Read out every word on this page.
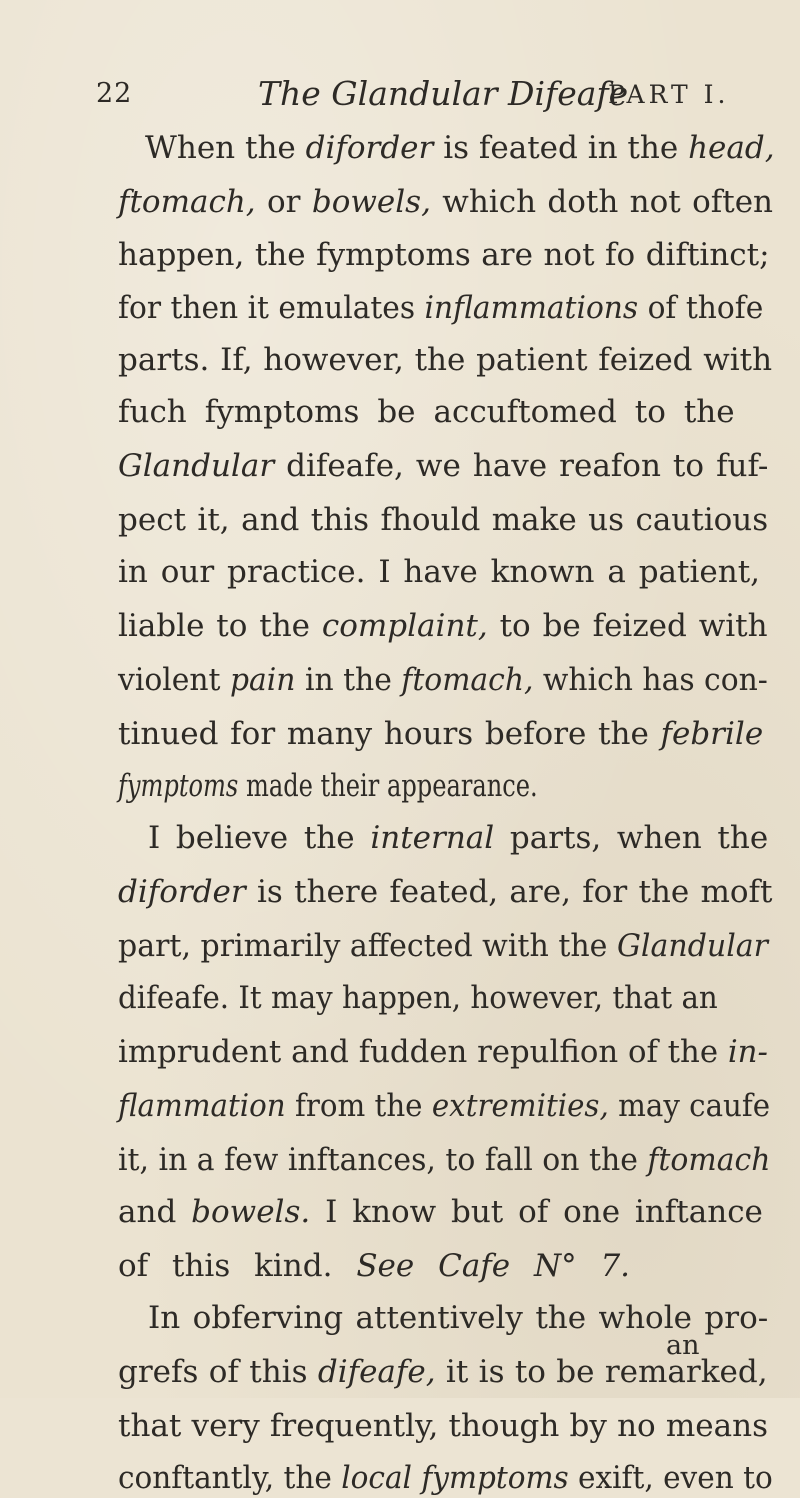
22	The Glandular Difeafe
PART I.
When the diforder is feated in the head,
ftomach, or bowels, which doth not often
happen, the fymptoms are not fo diftinct;
for then it emulates inflammations of thofe
parts. If, however, the patient feized with
fuch fymptoms be accuftomed to the
Glandular difeafe, we have reafon to fuf-
pect it, and this fhould make us cautious
in our practice. I have known a patient,
liable to the complaint, to be feized with
violent pain in the ftomach, which has con-
tinued for many hours before the febrile
fymptoms made their appearance.
I believe the internal parts, when the
diforder is there feated, are, for the moft
part, primarily affected with the Glandular
difeafe. It may happen, however, that an
imprudent and fudden repulfion of the in-
flammation from the extremities, may caufe
it, in a few inftances, to fall on the ftomach
and bowels. I know but of one inftance
of this kind. See Cafe N° 7.
In obferving attentively the whole pro-
grefs of this difeafe, it is to be remarked,
that very frequently, though by no means
conftantly, the local fymptoms exift, even to
an
